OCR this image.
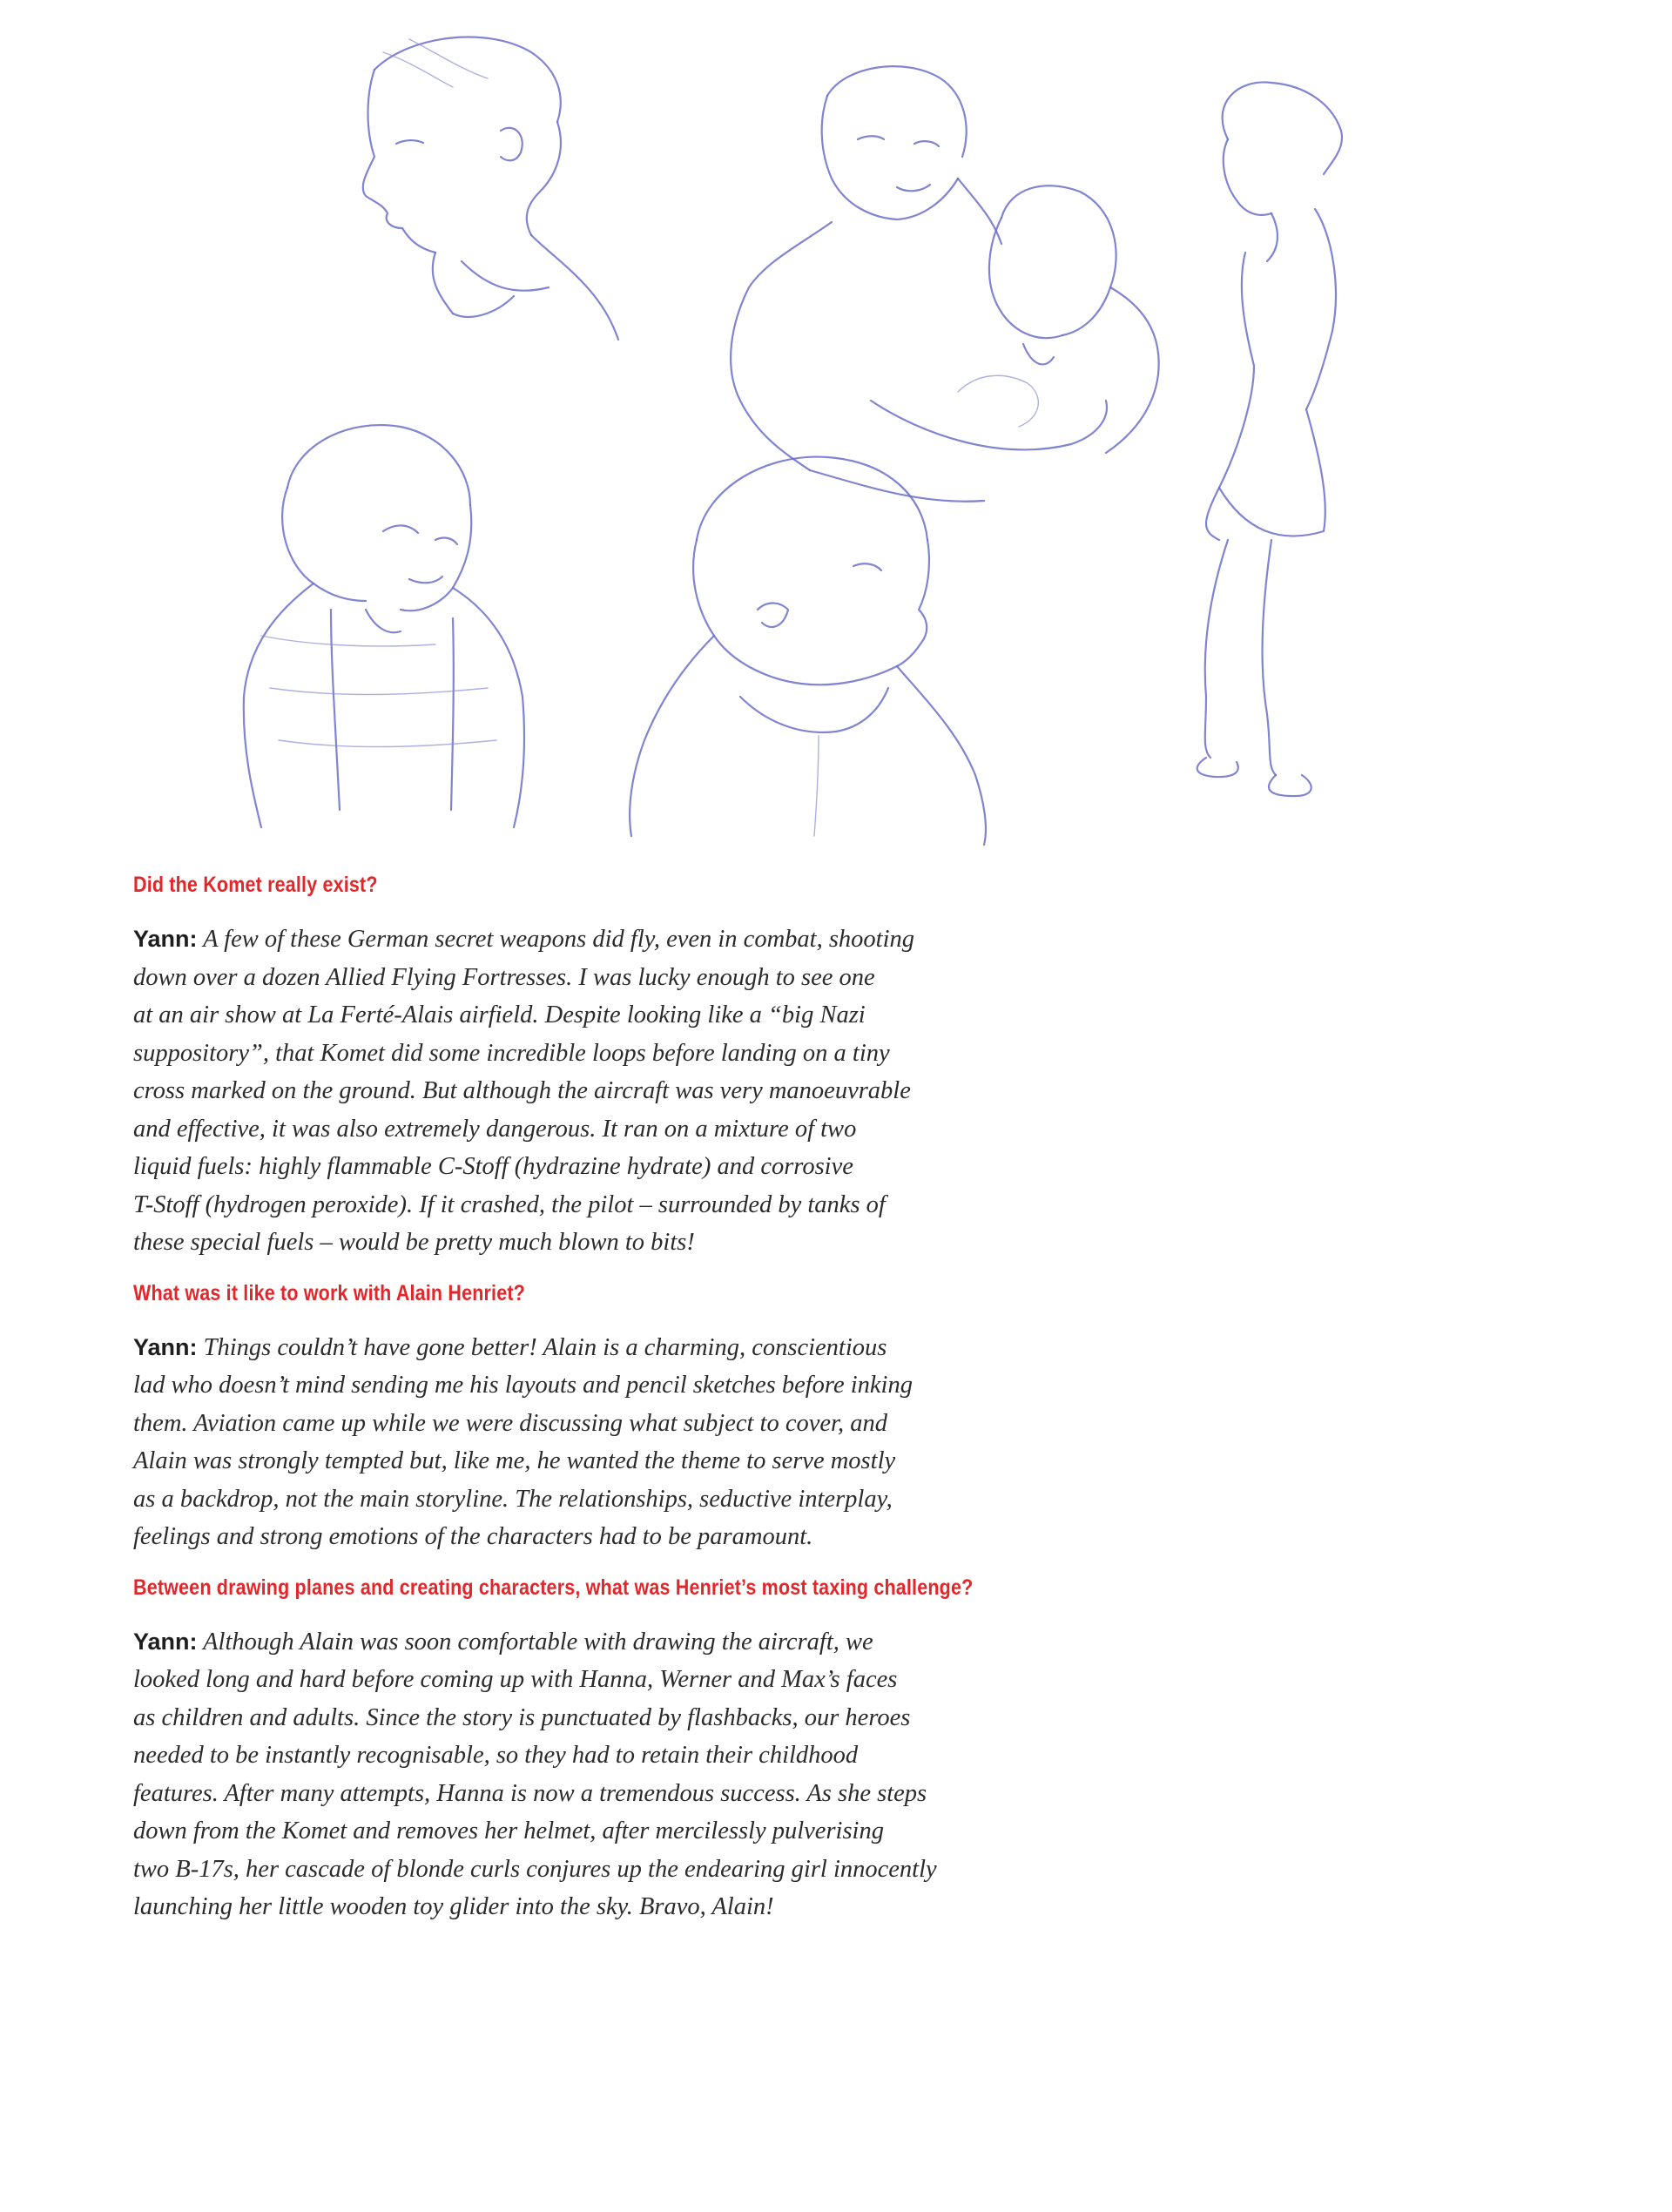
Did the Komet really exist?
Yann: A few of these German secret weapons did fly, even in combat, shooting
down over a dozen Allied Flying Fortresses. I was lucky enough to see one
at an air show at La Ferté-Alais airfield. Despite looking like a “big Nazi
suppository”, that Komet did some incredible loops before landing on a tiny
cross marked on the ground. But although the aircraft was very manoeuvrable
and effective, it was also extremely dangerous. It ran on a mixture of two
liquid fuels: highly flammable C-Stoff (hydrazine hydrate) and corrosive
T-Stoff (hydrogen peroxide). If it crashed, the pilot – surrounded by tanks of
these special fuels – would be pretty much blown to bits!
What was it like to work with Alain Henriet?
Yann: Things couldn’t have gone better! Alain is a charming, conscientious
lad who doesn’t mind sending me his layouts and pencil sketches before inking
them. Aviation came up while we were discussing what subject to cover, and
Alain was strongly tempted but, like me, he wanted the theme to serve mostly
as a backdrop, not the main storyline. The relationships, seductive interplay,
feelings and strong emotions of the characters had to be paramount.
Between drawing planes and creating characters, what was Henriet’s most taxing challenge?
Yann: Although Alain was soon comfortable with drawing the aircraft, we
looked long and hard before coming up with Hanna, Werner and Max’s faces
as children and adults. Since the story is punctuated by flashbacks, our heroes
needed to be instantly recognisable, so they had to retain their childhood
features. After many attempts, Hanna is now a tremendous success. As she steps
down from the Komet and removes her helmet, after mercilessly pulverising
two B-17s, her cascade of blonde curls conjures up the endearing girl innocently
launching her little wooden toy glider into the sky. Bravo, Alain!
